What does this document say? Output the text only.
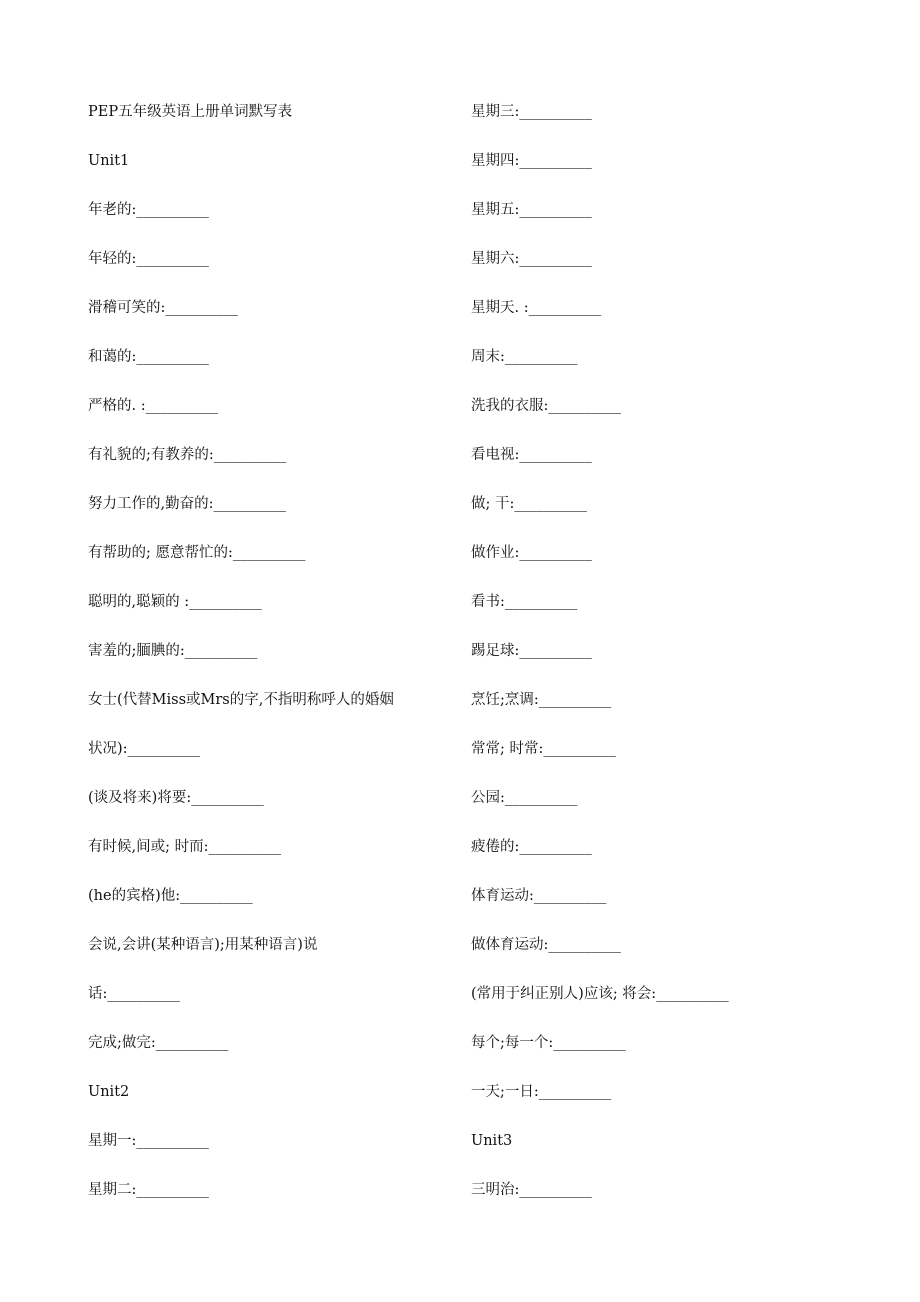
PEP五年级英语上册单词默写表
Unit1
年老的:__________
年轻的:__________
滑稽可笑的:__________
和蔼的:__________
严格的. :__________
有礼貌的;有教养的:__________
努力工作的,勤奋的:__________
有帮助的; 愿意帮忙的:__________
聪明的,聪颖的 :__________
害羞的;腼腆的:__________
女士(代替Miss或Mrs的字,不指明称呼人的婚姻
状况):__________
(谈及将来)将要:__________
有时候,间或; 时而:__________
(he的宾格)他:__________
会说,会讲(某种语言);用某种语言)说
话:__________
完成;做完:__________
Unit2
星期一:__________
星期二:__________
星期三:__________
星期四:__________
星期五:__________
星期六:__________
星期天. :__________
周末:__________
洗我的衣服:__________
看电视:__________
做; 干:__________
做作业:__________
看书:__________
踢足球:__________
烹饪;烹调:__________
常常; 时常:__________
公园:__________
疲倦的:__________
体育运动:__________
做体育运动:__________
(常用于纠正别人)应该; 将会:__________
每个;每一个:__________
一天;一日:__________
Unit3
三明治:__________
